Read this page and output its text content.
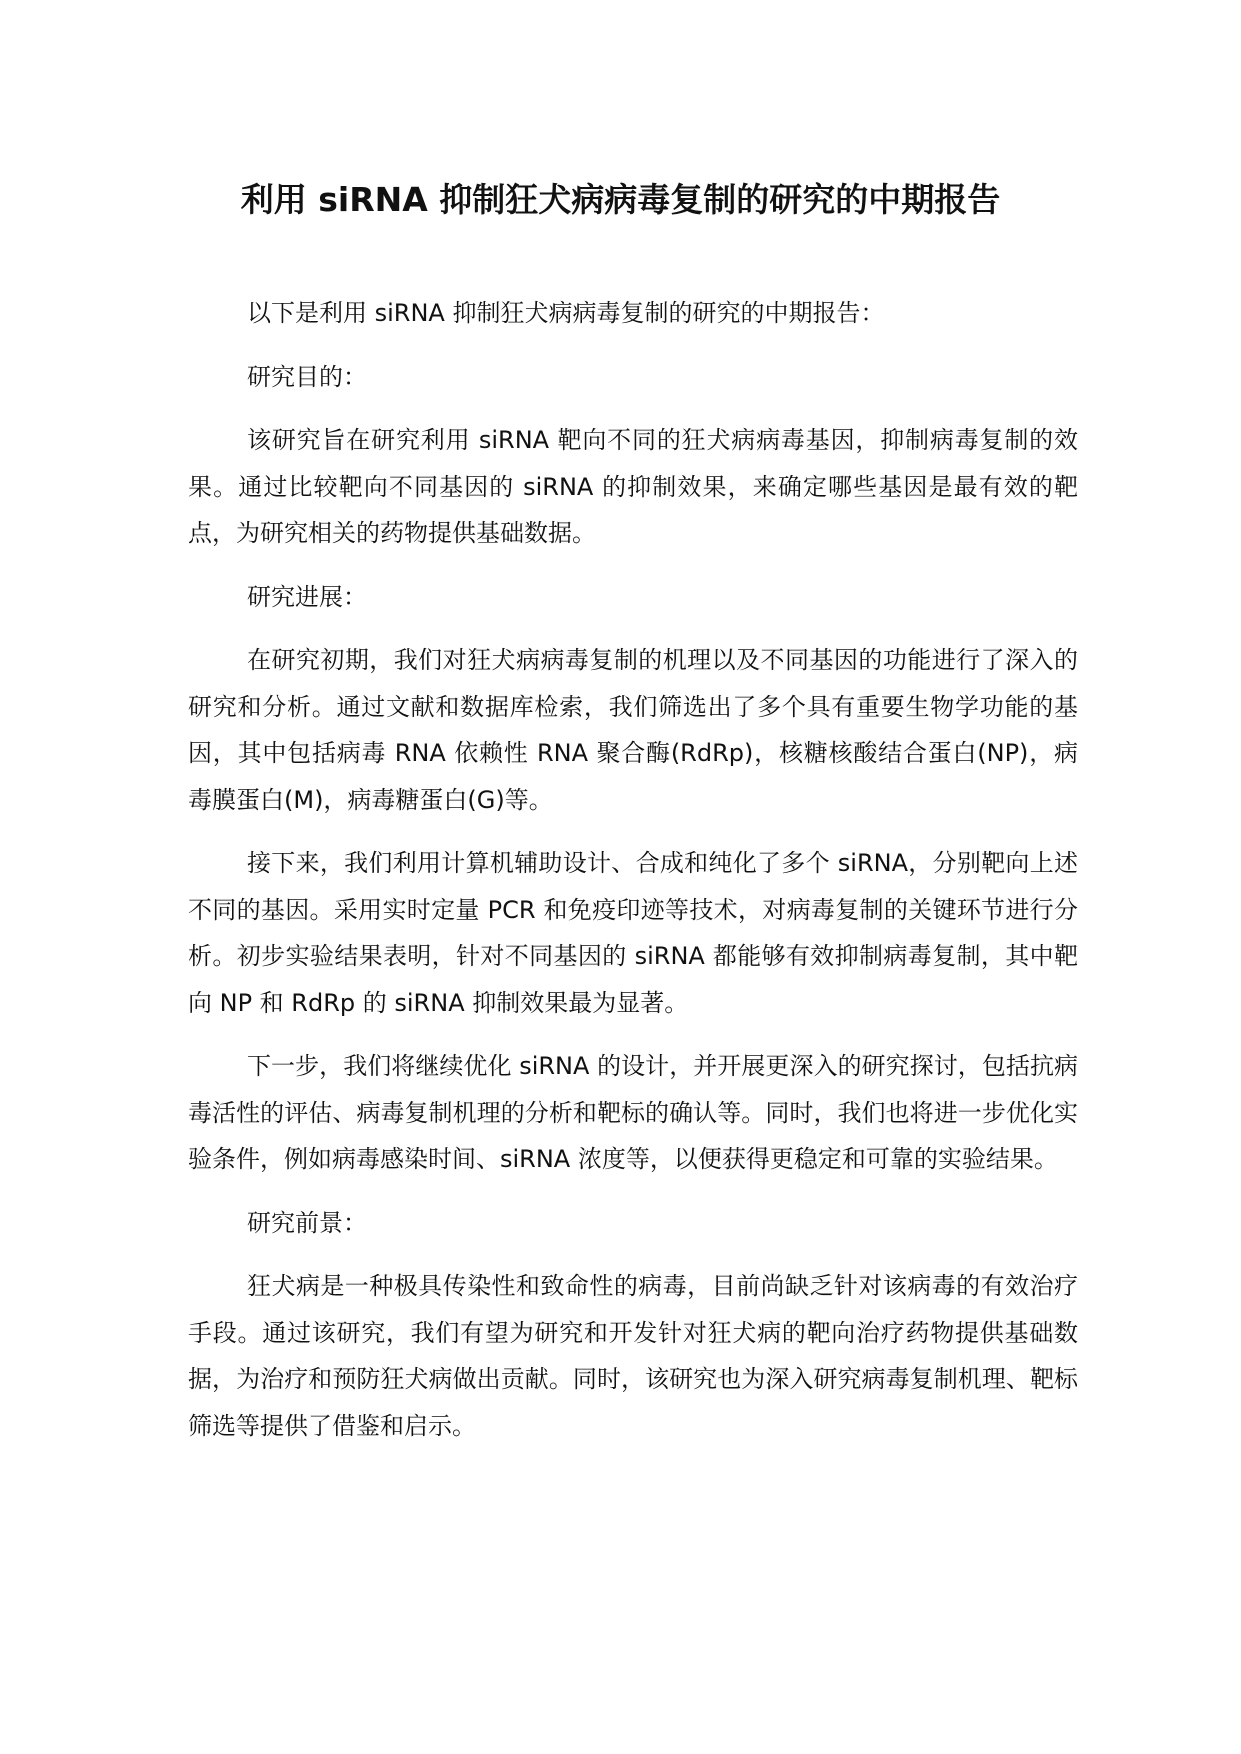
利用 siRNA 抑制狂犬病病毒复制的研究的中期报告

以下是利用 siRNA 抑制狂犬病病毒复制的研究的中期报告：

研究目的：

该研究旨在研究利用 siRNA 靶向不同的狂犬病病毒基因，抑制病毒复制的效果。通过比较靶向不同基因的 siRNA 的抑制效果，来确定哪些基因是最有效的靶点，为研究相关的药物提供基础数据。

研究进展：

在研究初期，我们对狂犬病病毒复制的机理以及不同基因的功能进行了深入的研究和分析。通过文献和数据库检索，我们筛选出了多个具有重要生物学功能的基因，其中包括病毒 RNA 依赖性 RNA 聚合酶(RdRp)，核糖核酸结合蛋白(NP)，病毒膜蛋白(M)，病毒糖蛋白(G)等。

接下来，我们利用计算机辅助设计、合成和纯化了多个 siRNA，分别靶向上述不同的基因。采用实时定量 PCR 和免疫印迹等技术，对病毒复制的关键环节进行分析。初步实验结果表明，针对不同基因的 siRNA 都能够有效抑制病毒复制，其中靶向 NP 和 RdRp 的 siRNA 抑制效果最为显著。

下一步，我们将继续优化 siRNA 的设计，并开展更深入的研究探讨，包括抗病毒活性的评估、病毒复制机理的分析和靶标的确认等。同时，我们也将进一步优化实验条件，例如病毒感染时间、siRNA 浓度等，以便获得更稳定和可靠的实验结果。

研究前景：

狂犬病是一种极具传染性和致命性的病毒，目前尚缺乏针对该病毒的有效治疗手段。通过该研究，我们有望为研究和开发针对狂犬病的靶向治疗药物提供基础数据，为治疗和预防狂犬病做出贡献。同时，该研究也为深入研究病毒复制机理、靶标筛选等提供了借鉴和启示。
